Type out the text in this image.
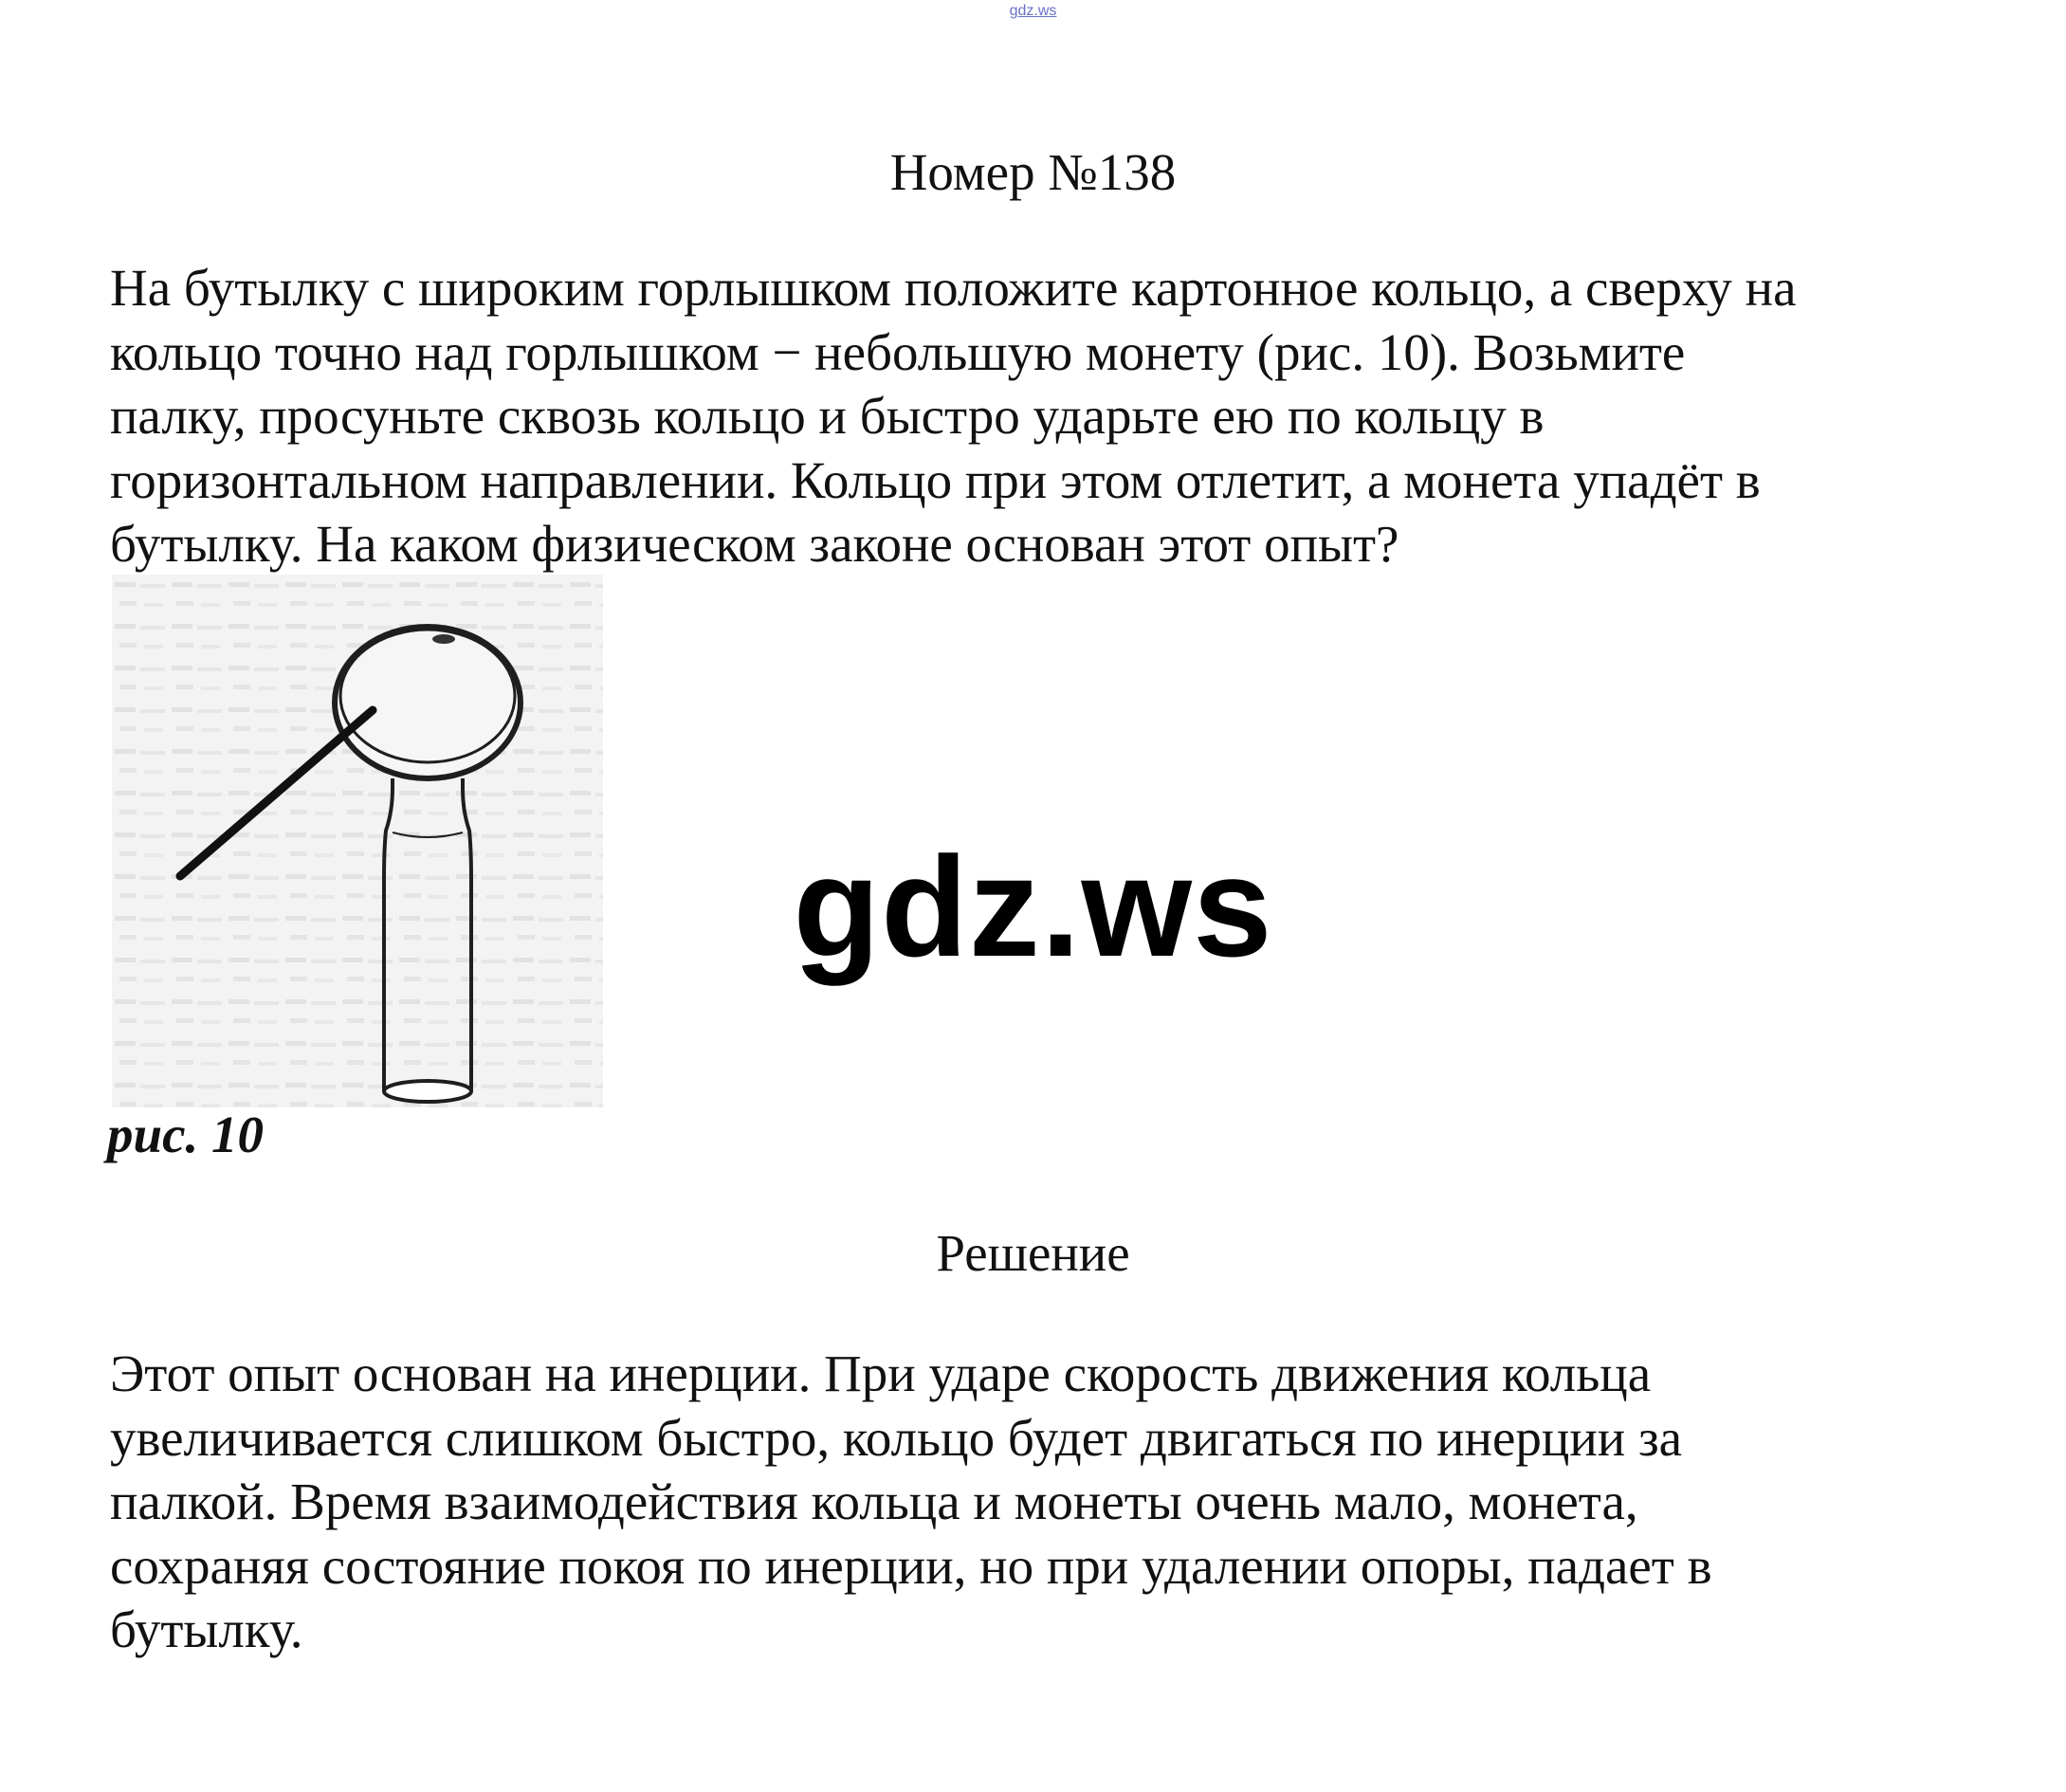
gdz.ws
Номер №138

На бутылку с широким горлышком положите картонное кольцо, а сверху на
кольцо точно над горлышком − небольшую монету (рис. 10). Возьмите
палку, просуньте сквозь кольцо и быстро ударьте ею по кольцу в
горизонтальном направлении. Кольцо при этом отлетит, а монета упадёт в
бутылку. На каком физическом законе основан этот опыт?

рис. 10
gdz.ws
Решение

Этот опыт основан на инерции. При ударе скорость движения кольца
увеличивается слишком быстро, кольцо будет двигаться по инерции за
палкой. Время взаимодействия кольца и монеты очень мало, монета,
сохраняя состояние покоя по инерции, но при удалении опоры, падает в
бутылку.
